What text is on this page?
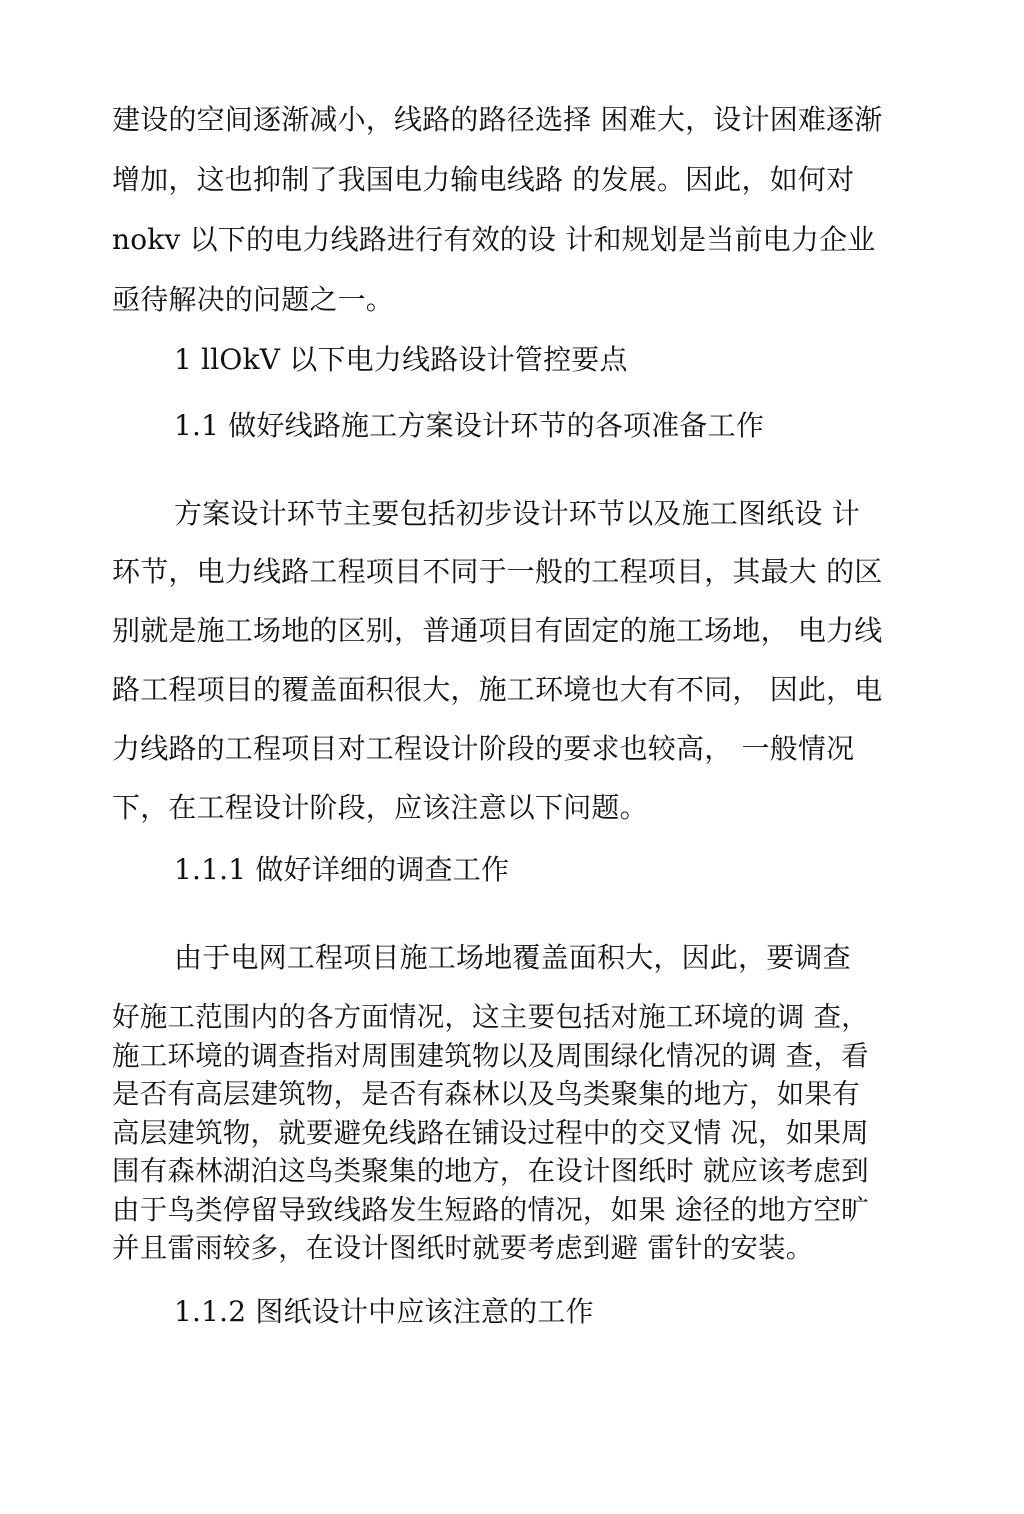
建设的空间逐渐减小，线路的路径选择 困难大，设计困难逐渐
增加，这也抑制了我国电力输电线路 的发展。因此，如何对
nokv 以下的电力线路进行有效的设 计和规划是当前电力企业
亟待解决的问题之一。
1 llOkV 以下电力线路设计管控要点
1.1 做好线路施工方案设计环节的各项准备工作
方案设计环节主要包括初步设计环节以及施工图纸设 计
环节，电力线路工程项目不同于一般的工程项目，其最大 的区
别就是施工场地的区别，普通项目有固定的施工场地， 电力线
路工程项目的覆盖面积很大，施工环境也大有不同， 因此，电
力线路的工程项目对工程设计阶段的要求也较高， 一般情况
下，在工程设计阶段，应该注意以下问题。
1.1.1 做好详细的调查工作
由于电网工程项目施工场地覆盖面积大，因此，要调查
好施工范围内的各方面情况，这主要包括对施工环境的调 查，
施工环境的调查指对周围建筑物以及周围绿化情况的调 查，看
是否有高层建筑物，是否有森林以及鸟类聚集的地方，如果有
高层建筑物，就要避免线路在铺设过程中的交叉情 况，如果周
围有森林湖泊这鸟类聚集的地方，在设计图纸时 就应该考虑到
由于鸟类停留导致线路发生短路的情况，如果 途径的地方空旷
并且雷雨较多，在设计图纸时就要考虑到避 雷针的安装。
1.1.2 图纸设计中应该注意的工作
